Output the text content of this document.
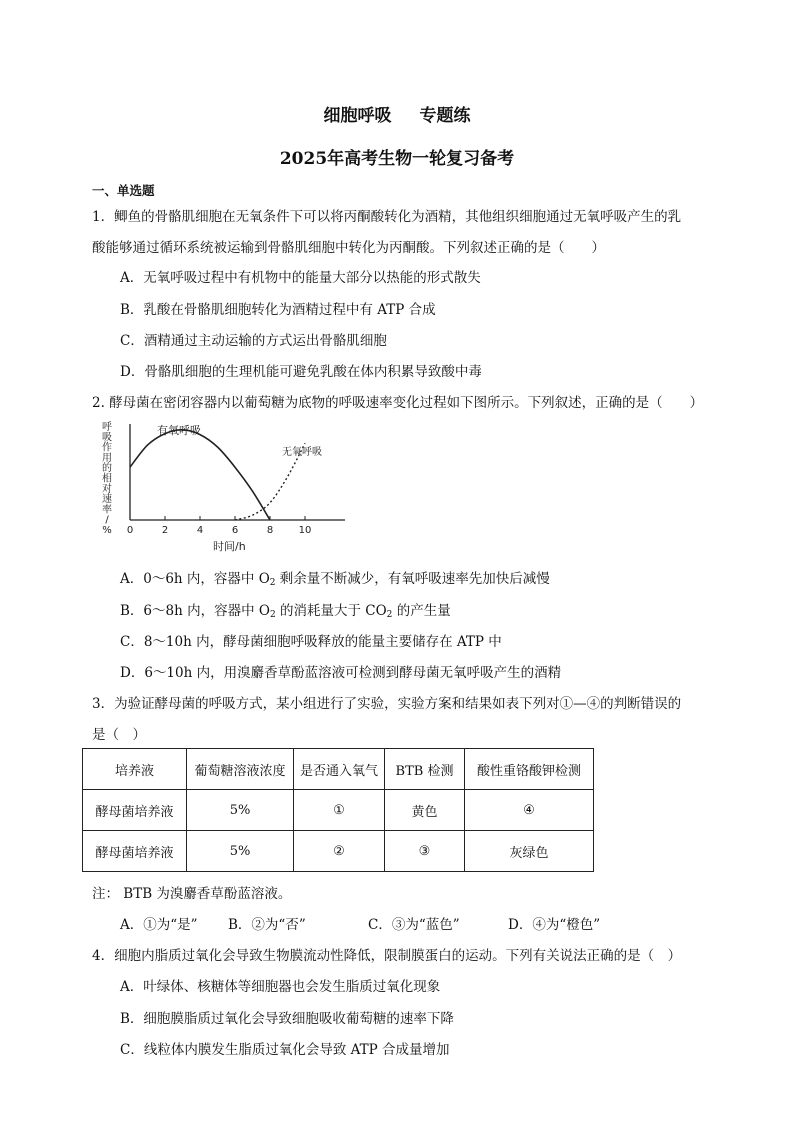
细胞呼吸 专题练
2025年高考生物一轮复习备考
一、单选题
1．鲫鱼的骨骼肌细胞在无氧条件下可以将丙酮酸转化为酒精，其他组织细胞通过无氧呼吸产生的乳
酸能够通过循环系统被运输到骨骼肌细胞中转化为丙酮酸。下列叙述正确的是（　　）
A．无氧呼吸过程中有机物中的能量大部分以热能的形式散失
B．乳酸在骨骼肌细胞转化为酒精过程中有 ATP 合成
C．酒精通过主动运输的方式运出骨骼肌细胞
D．骨骼肌细胞的生理机能可避免乳酸在体内积累导致酸中毒
2. 酵母菌在密闭容器内以葡萄糖为底物的呼吸速率变化过程如下图所示。下列叙述，正确的是（　　）
呼
吸
作
用
的
相
对
速
率
/
% 0	2	4	6	8	10
有氧呼吸
无氧呼吸
时间/h
A．0～6h 内，容器中 $O_2$ 剩余量不断减少，有氧呼吸速率先加快后减慢
B．6～8h 内，容器中 $O_2$ 的消耗量大于 $CO_2$ 的产生量
C．8～10h 内，酵母菌细胞呼吸释放的能量主要储存在 ATP 中
D．6～10h 内，用溴麝香草酚蓝溶液可检测到酵母菌无氧呼吸产生的酒精
3．为验证酵母菌的呼吸方式，某小组进行了实验，实验方案和结果如表下列对①—④的判断错误的
是（　）
培养液	葡萄糖溶液浓度	是否通入氧气	BTB 检测	酸性重铬酸钾检测
酵母菌培养液	5%	①	黄色	④
酵母菌培养液	5%	②	③	灰绿色
注： BTB 为溴麝香草酚蓝溶液。
A．①为“是” B．②为“否”	C．③为“蓝色”	D．④为“橙色”
4．细胞内脂质过氧化会导致生物膜流动性降低，限制膜蛋白的运动。下列有关说法正确的是（　）
A．叶绿体、核糖体等细胞器也会发生脂质过氧化现象
B．细胞膜脂质过氧化会导致细胞吸收葡萄糖的速率下降
C．线粒体内膜发生脂质过氧化会导致 ATP 合成量增加
